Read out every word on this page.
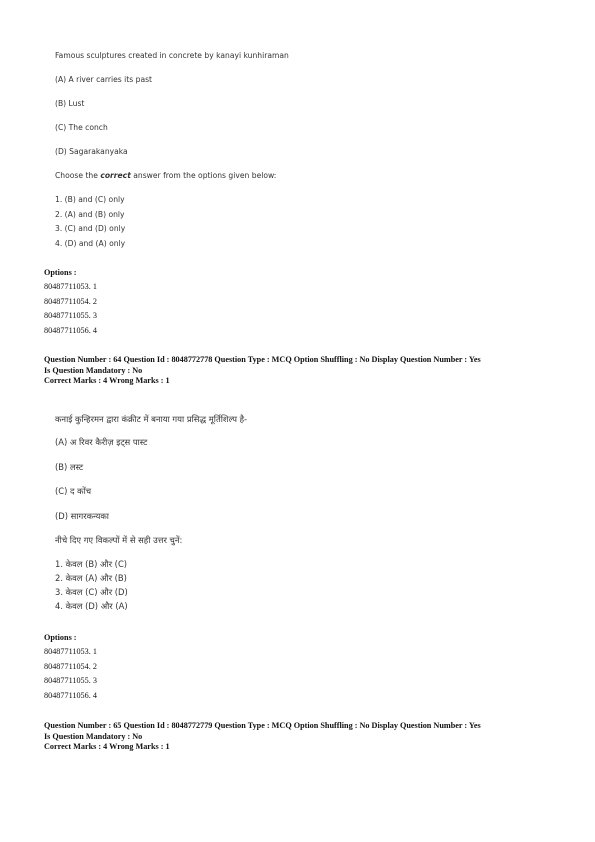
Famous sculptures created in concrete by kanayi kunhiraman
(A) A river carries its past
(B) Lust
(C) The conch
(D) Sagarakanyaka
Choose the correct answer from the options given below:
1. (B) and (C) only
2. (A) and (B) only
3. (C) and (D) only
4. (D) and (A) only
Options :
80487711053. 1
80487711054. 2
80487711055. 3
80487711056. 4
Question Number : 64 Question Id : 8048772778 Question Type : MCQ Option Shuffling : No Display Question Number : Yes
Is Question Mandatory : No
Correct Marks : 4 Wrong Marks : 1
कनाई कुन्हिरमन द्वारा कंक्रीट में बनाया गया प्रसिद्ध मूर्तिशिल्प है-
(A) अ रिवर कैरीज़ इट्स पास्ट
(B) लस्ट
(C) द कोंच
(D) सागरकन्यका
नीचे दिए गए विकल्पों में से सही उत्तर चुनें:
1. केवल (B) और (C)
2. केवल (A) और (B)
3. केवल (C) और (D)
4. केवल (D) और (A)
Options :
80487711053. 1
80487711054. 2
80487711055. 3
80487711056. 4
Question Number : 65 Question Id : 8048772779 Question Type : MCQ Option Shuffling : No Display Question Number : Yes
Is Question Mandatory : No
Correct Marks : 4 Wrong Marks : 1
